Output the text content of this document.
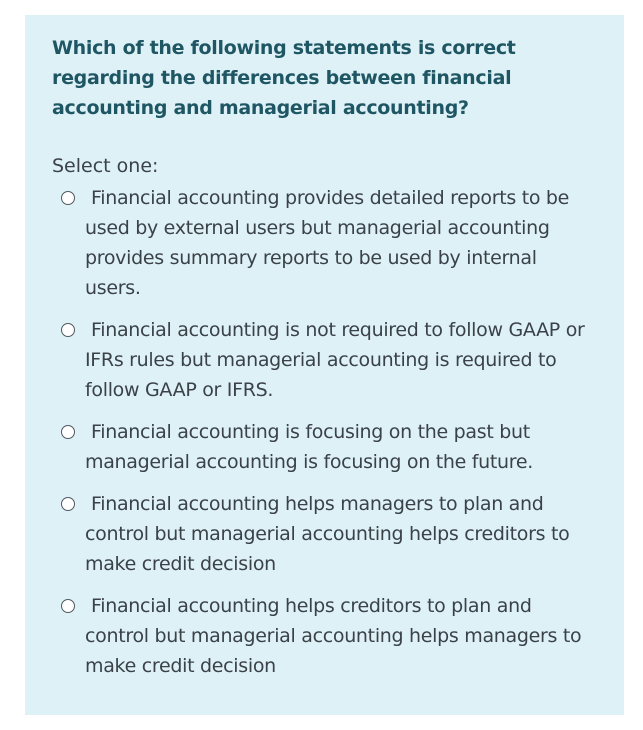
Which of the following statements is correct regarding the differences between financial accounting and managerial accounting?

Select one:

Financial accounting provides detailed reports to be used by external users but managerial accounting provides summary reports to be used by internal users.
Financial accounting is not required to follow GAAP or IFRs rules but managerial accounting is required to follow GAAP or IFRS.
Financial accounting is focusing on the past but managerial accounting is focusing on the future.
Financial accounting helps managers to plan and control but managerial accounting helps creditors to make credit decision
Financial accounting helps creditors to plan and control but managerial accounting helps managers to make credit decision
